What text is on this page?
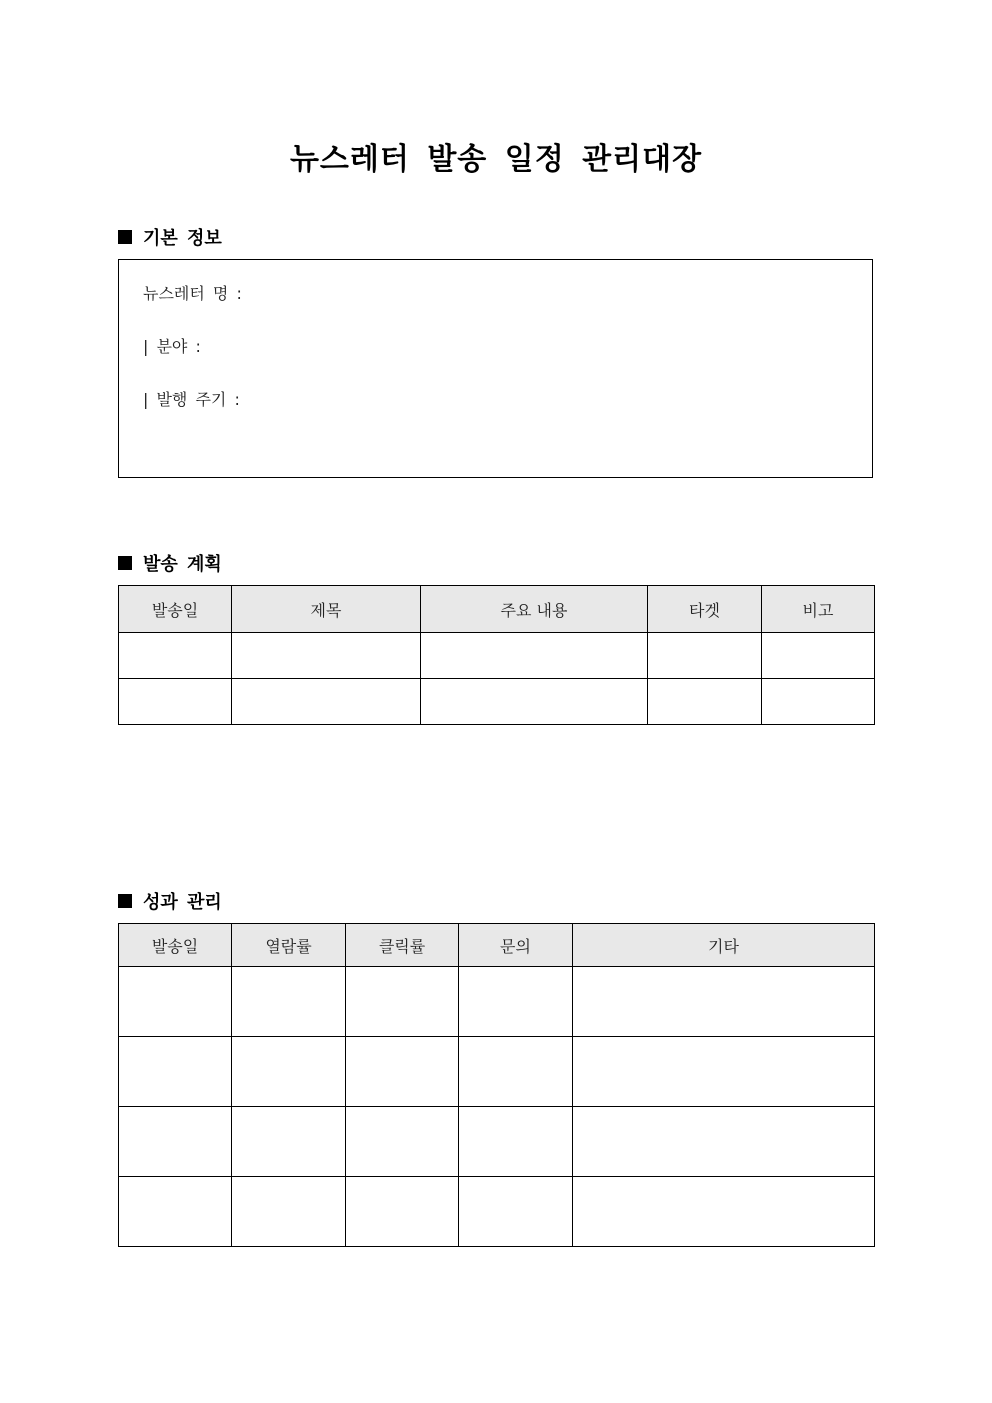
뉴스레터 발송 일정 관리대장
기본 정보
뉴스레터 명 :
| 분야 :
| 발행 주기 :
발송 계획
발송일	제목	주요 내용	타겟	비고

성과 관리
발송일	열람률	클릭률	문의	기타
